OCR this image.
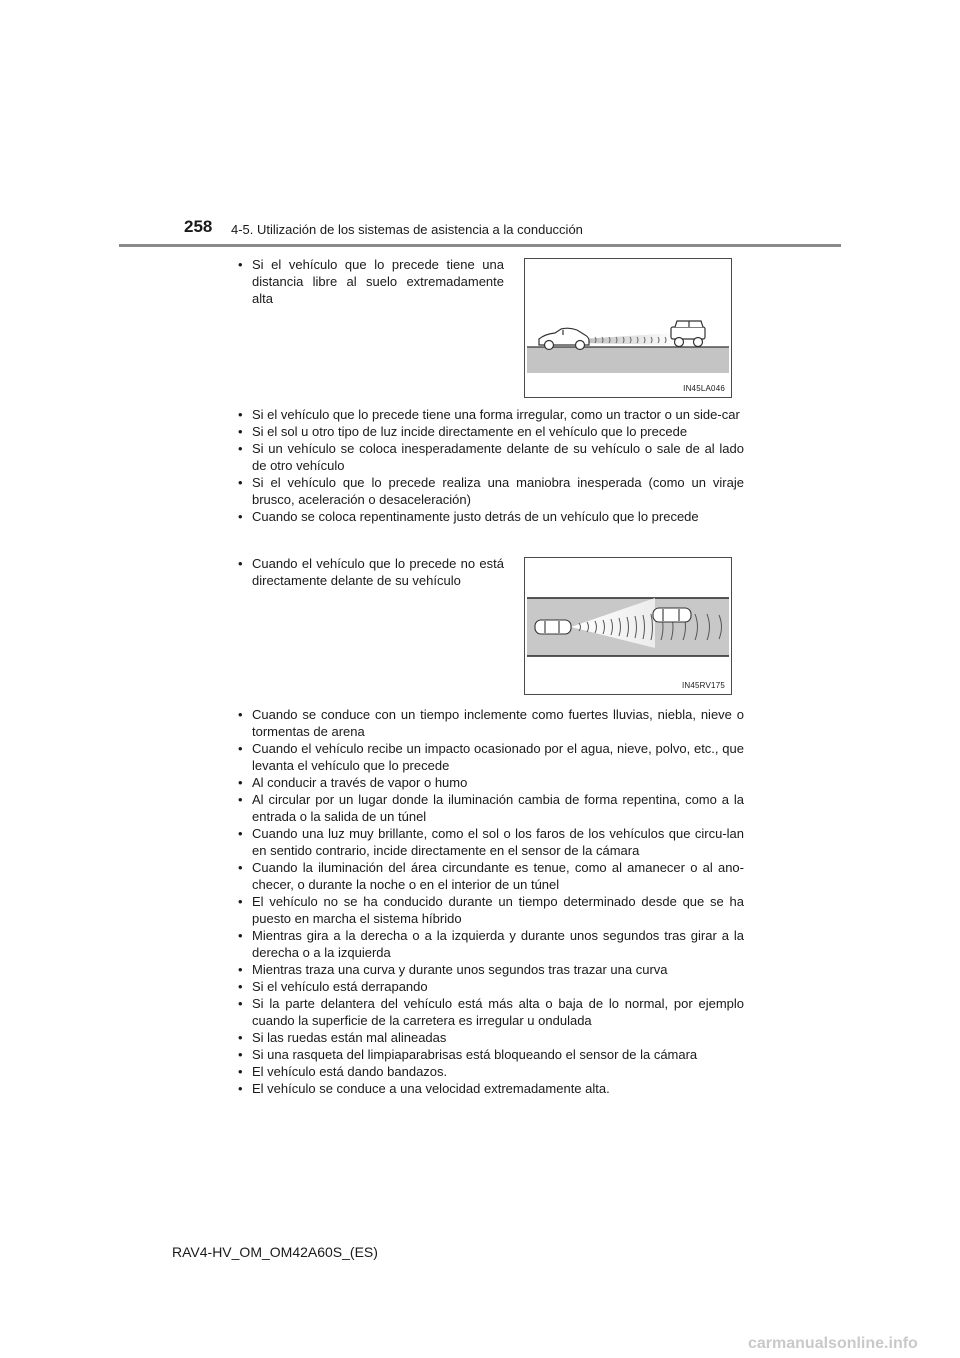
258 4-5. Utilización de los sistemas de asistencia a la conducción
• Si el vehículo que lo precede tiene una distancia libre al suelo extremadamente alta
IN45LA046
• Si el vehículo que lo precede tiene una forma irregular, como un tractor o un side-car
• Si el sol u otro tipo de luz incide directamente en el vehículo que lo precede
• Si un vehículo se coloca inesperadamente delante de su vehículo o sale de al lado de otro vehículo
• Si el vehículo que lo precede realiza una maniobra inesperada (como un viraje brusco, aceleración o desaceleración)
• Cuando se coloca repentinamente justo detrás de un vehículo que lo precede
• Cuando el vehículo que lo precede no está directamente delante de su vehículo
IN45RV175
• Cuando se conduce con un tiempo inclemente como fuertes lluvias, niebla, nieve o tormentas de arena
• Cuando el vehículo recibe un impacto ocasionado por el agua, nieve, polvo, etc., que levanta el vehículo que lo precede
• Al conducir a través de vapor o humo
• Al circular por un lugar donde la iluminación cambia de forma repentina, como a la entrada o la salida de un túnel
• Cuando una luz muy brillante, como el sol o los faros de los vehículos que circu-lan en sentido contrario, incide directamente en el sensor de la cámara
• Cuando la iluminación del área circundante es tenue, como al amanecer o al ano-checer, o durante la noche o en el interior de un túnel
• El vehículo no se ha conducido durante un tiempo determinado desde que se ha puesto en marcha el sistema híbrido
• Mientras gira a la derecha o a la izquierda y durante unos segundos tras girar a la derecha o a la izquierda
• Mientras traza una curva y durante unos segundos tras trazar una curva
• Si el vehículo está derrapando
• Si la parte delantera del vehículo está más alta o baja de lo normal, por ejemplo cuando la superficie de la carretera es irregular u ondulada
• Si las ruedas están mal alineadas
• Si una rasqueta del limpiaparabrisas está bloqueando el sensor de la cámara
• El vehículo está dando bandazos.
• El vehículo se conduce a una velocidad extremadamente alta.
RAV4-HV_OM_OM42A60S_(ES)
carmanualsonline.info
